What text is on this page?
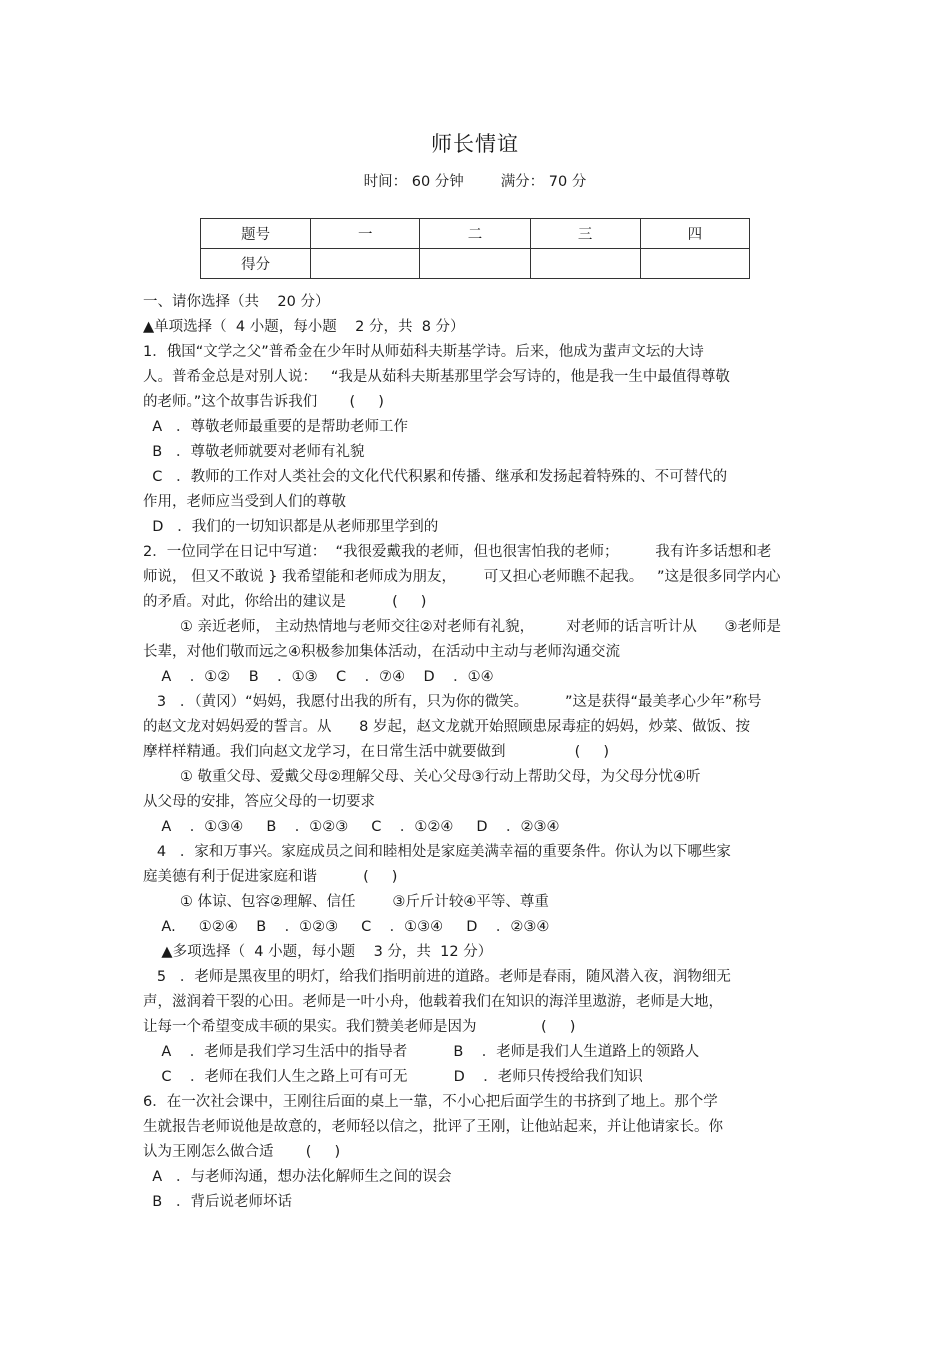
师长情谊
时间： 60 分钟	满分： 70 分
题号	一	二	三	四
得分				
一、请你选择（共    20 分）
▲单项选择（  4 小题，每小题    2 分，共  8 分）
1．俄国“文学之父”普希金在少年时从师茹科夫斯基学诗。后来，他成为蜚声文坛的大诗
人。普希金总是对别人说：   “我是从茹科夫斯基那里学会写诗的，他是我一生中最值得尊敬
的老师。”这个故事告诉我们       (     )
A   ．尊敬老师最重要的是帮助老师工作
B   ．尊敬老师就要对老师有礼貌
C   ．教师的工作对人类社会的文化代代积累和传播、继承和发扬起着特殊的、不可替代的
作用，老师应当受到人们的尊敬
D   ．我们的一切知识都是从老师那里学到的
2．一位同学在日记中写道：  “我很爱戴我的老师，但也很害怕我的老师；        我有许多话想和老
师说， 但又不敢说 } 我希望能和老师成为朋友，      可又担心老师瞧不起我。   ”这是很多同学内心
的矛盾。对此，你给出的建议是          (     )
① 亲近老师， 主动热情地与老师交往②对老师有礼貌，       对老师的话言听计从      ③老师是
长辈，对他们敬而远之④积极参加集体活动，在活动中主动与老师沟通交流
A    ．①②    B    ．①③    C    ．⑦④    D    ．①④
3   ．（黄冈）“妈妈，我愿付出我的所有，只为你的微笑。        ”这是获得“最美孝心少年”称号
的赵文龙对妈妈爱的誓言。从      8 岁起，赵文龙就开始照顾患尿毒症的妈妈，炒菜、做饭、按
摩样样精通。我们向赵文龙学习，在日常生活中就要做到               (     )
① 敬重父母、爱戴父母②理解父母、关心父母③行动上帮助父母，为父母分忧④听
从父母的安排，答应父母的一切要求
A    ．①③④     B    ．①②③     C    ．①②④     D    ．②③④
4   ．家和万事兴。家庭成员之间和睦相处是家庭美满幸福的重要条件。你认为以下哪些家
庭美德有利于促进家庭和谐          (     )
① 体谅、包容②理解、信任        ③斤斤计较④平等、尊重
A.     ①②④    B    ．①②③     C    ．①③④     D    ．②③④
▲多项选择（  4 小题，每小题    3 分，共  12 分）
5   ．老师是黑夜里的明灯，给我们指明前进的道路。老师是春雨，随风潜入夜，润物细无
声，滋润着干裂的心田。老师是一叶小舟，他载着我们在知识的海洋里遨游，老师是大地，
让每一个希望变成丰硕的果实。我们赞美老师是因为              (     )
A    ．老师是我们学习生活中的指导者          B    ．老师是我们人生道路上的领路人
C    ．老师在我们人生之路上可有可无          D    ．老师只传授给我们知识
6．在一次社会课中，王刚往后面的桌上一靠，不小心把后面学生的书挤到了地上。那个学
生就报告老师说他是故意的，老师轻以信之，批评了王刚，让他站起来，并让他请家长。你
认为王刚怎么做合适       (     )
A   ．与老师沟通，想办法化解师生之间的误会
B   ．背后说老师坏话
